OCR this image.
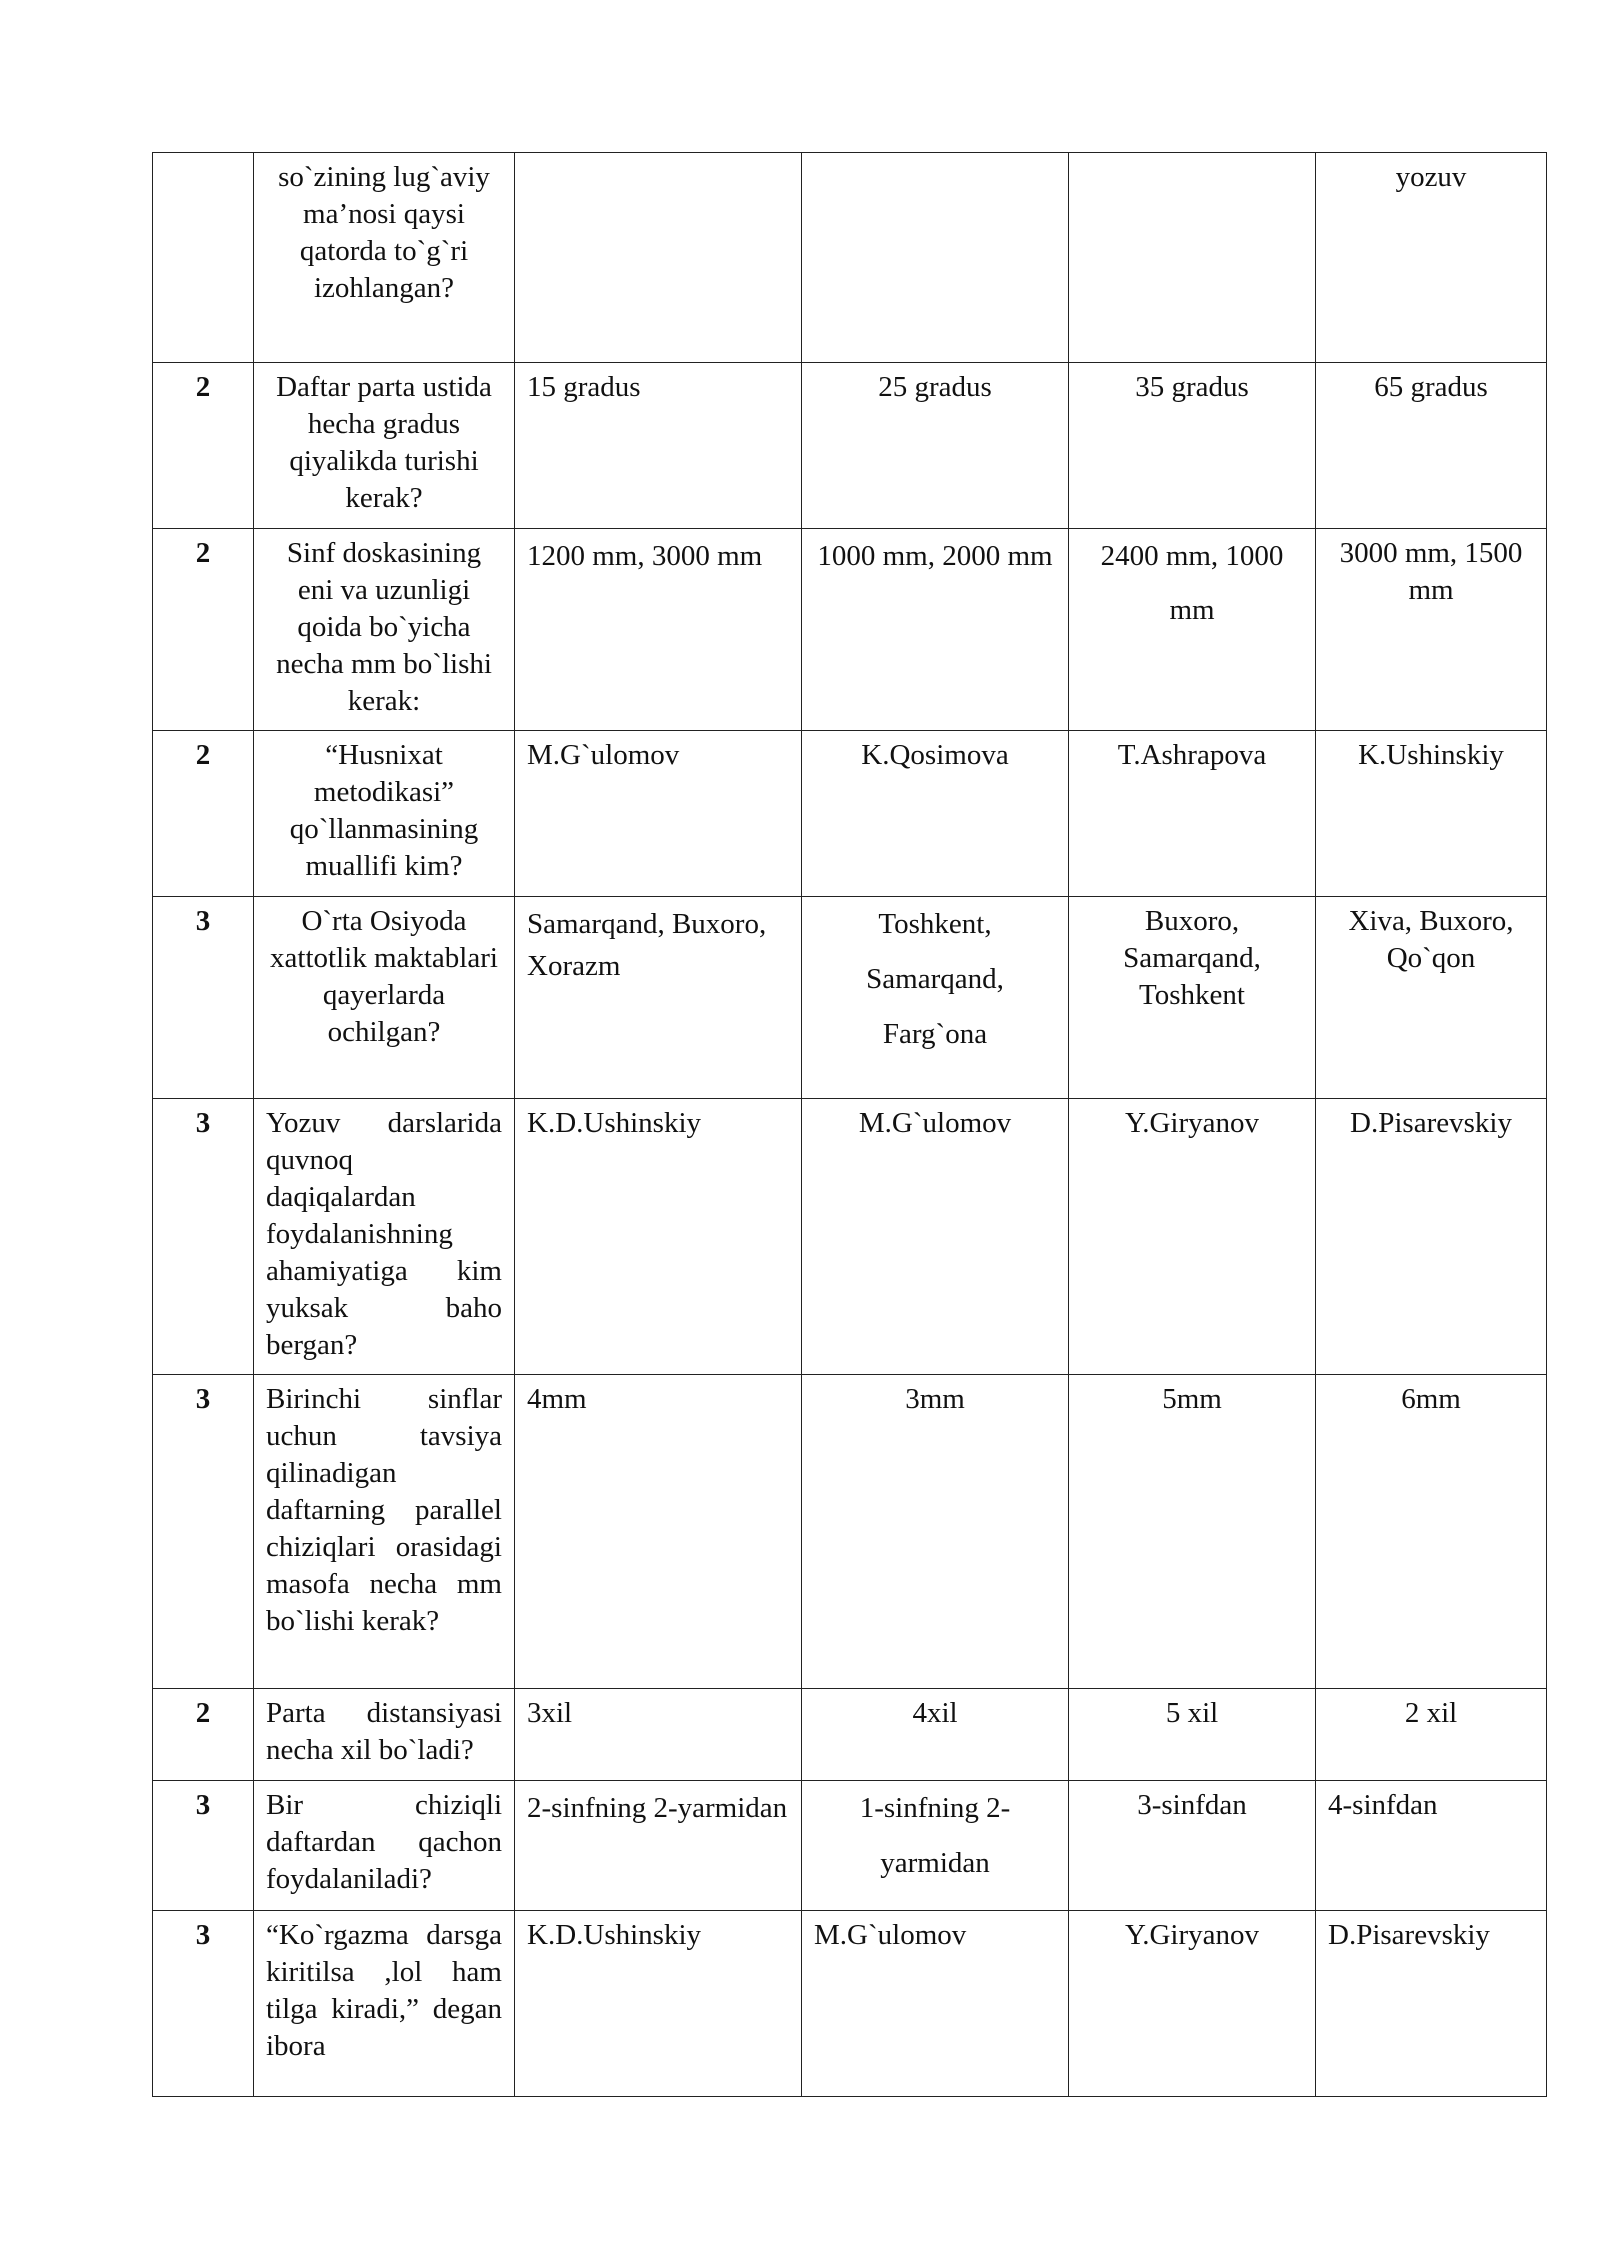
	so`zining lug`aviy ma’nosi qaysi qatorda to`g`ri izohlangan?				yozuv
2	Daftar parta ustida hecha gradus qiyalikda turishi kerak?	15 gradus	25 gradus	35 gradus	65 gradus
2	Sinf doskasining eni va uzunligi qoida bo`yicha necha mm bo`lishi kerak:	1200 mm, 3000 mm	1000 mm, 2000 mm	2400 mm, 1000 mm	3000 mm, 1500 mm
2	“Husnixat metodikasi” qo`llanmasining muallifi kim?	M.G`ulomov	K.Qosimova	T.Ashrapova	K.Ushinskiy
3	O`rta Osiyoda xattotlik maktablari qayerlarda ochilgan?	Samarqand, Buxoro, Xorazm	Toshkent, Samarqand, Farg`ona	Buxoro, Samarqand, Toshkent	Xiva, Buxoro, Qo`qon
3	Yozuv darslarida quvnoq daqiqalardan foydalanishning ahamiyatiga kim yuksak baho bergan?	K.D.Ushinskiy	M.G`ulomov	Y.Giryanov	D.Pisarevskiy
3	Birinchi sinflar uchun tavsiya qilinadigan daftarning parallel chiziqlari orasidagi masofa necha mm bo`lishi kerak?	4mm	3mm	5mm	6mm
2	Parta distansiyasi necha xil bo`ladi?	3xil	4xil	5 xil	2 xil
3	Bir chiziqli daftardan qachon foydalaniladi?	2-sinfning 2-yarmidan	1-sinfning 2-yarmidan	3-sinfdan	4-sinfdan
3	“Ko`rgazma darsga kiritilsa ,lol ham tilga kiradi,” degan ibora	K.D.Ushinskiy	M.G`ulomov	Y.Giryanov	D.Pisarevskiy
